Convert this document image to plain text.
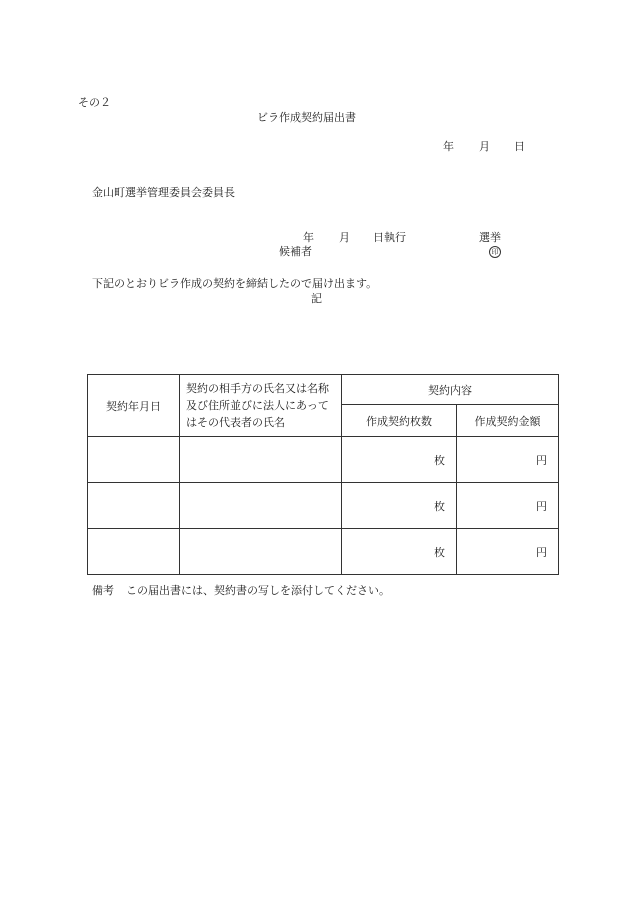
その２
ビラ作成契約届出書
年 月 日
金山町選挙管理委員会委員長
年 月 日執行	選挙
候補者	印
下記のとおりビラ作成の契約を締結したので届け出ます。
記
契約年月日	契約の相手方の氏名又は名称及び住所並びに法人にあってはその代表者の氏名	契約内容	
		作成契約枚数	作成契約金額
		枚	円
		枚	円
		枚	円
備考 この届出書には、契約書の写しを添付してください。
